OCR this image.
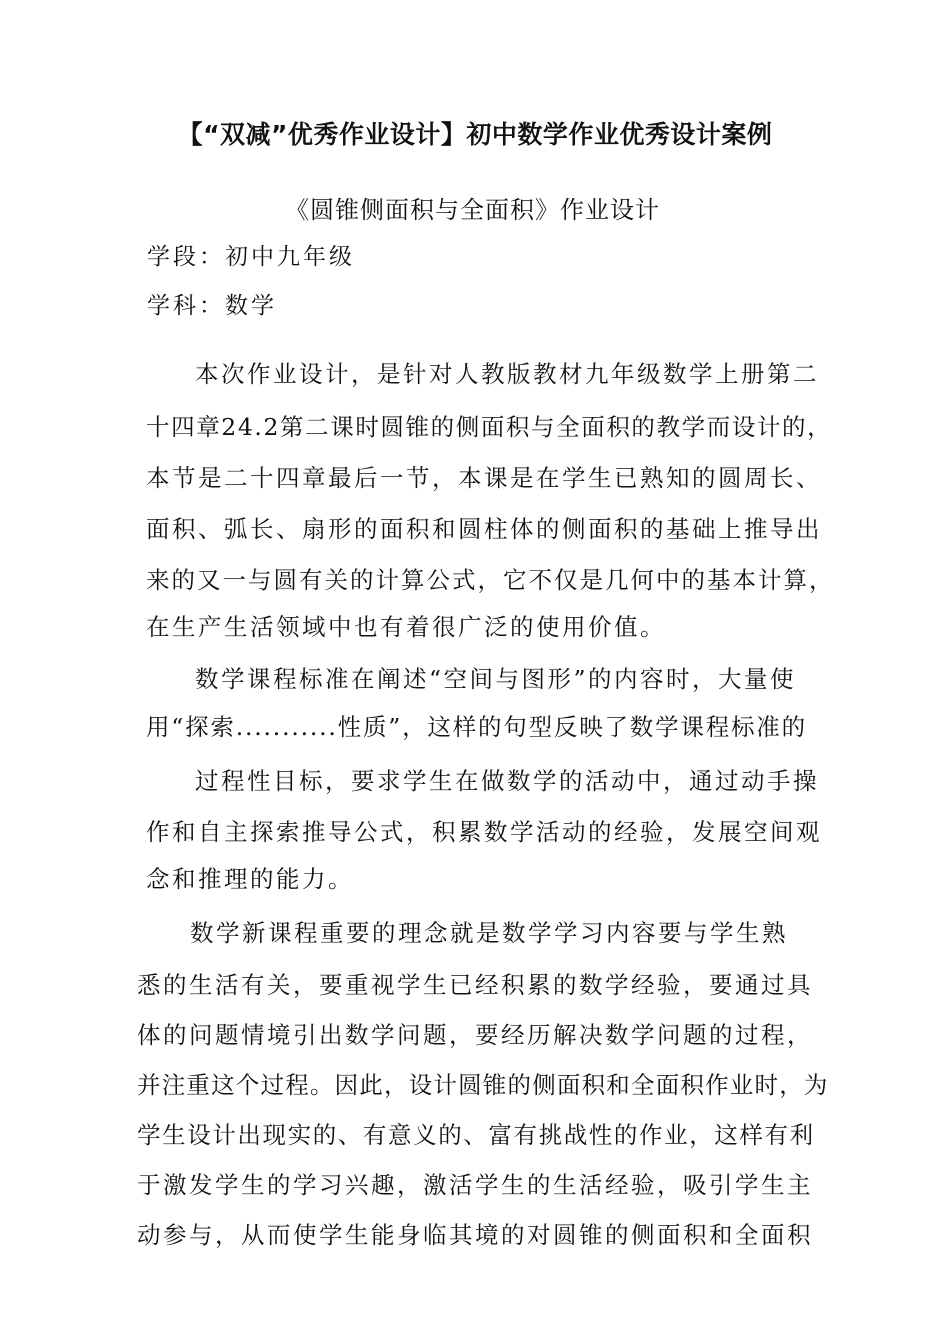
【“双减”优秀作业设计】初中数学作业优秀设计案例
《圆锥侧面积与全面积》作业设计
学段：初中九年级
学科：数学
本次作业设计，是针对人教版教材九年级数学上册第二
十四章24.2第二课时圆锥的侧面积与全面积的教学而设计的，
本节是二十四章最后一节，本课是在学生已熟知的圆周长、
面积、弧长、扇形的面积和圆柱体的侧面积的基础上推导出
来的又一与圆有关的计算公式，它不仅是几何中的基本计算，
在生产生活领域中也有着很广泛的使用价值。
数学课程标准在阐述“空间与图形”的内容时，大量使
用“探索...........性质”，这样的句型反映了数学课程标准的
过程性目标，要求学生在做数学的活动中，通过动手操
作和自主探索推导公式，积累数学活动的经验，发展空间观
念和推理的能力。
数学新课程重要的理念就是数学学习内容要与学生熟
悉的生活有关，要重视学生已经积累的数学经验，要通过具
体的问题情境引出数学问题，要经历解决数学问题的过程，
并注重这个过程。因此，设计圆锥的侧面积和全面积作业时，为
学生设计出现实的、有意义的、富有挑战性的作业，这样有利
于激发学生的学习兴趣，激活学生的生活经验，吸引学生主
动参与，从而使学生能身临其境的对圆锥的侧面积和全面积
